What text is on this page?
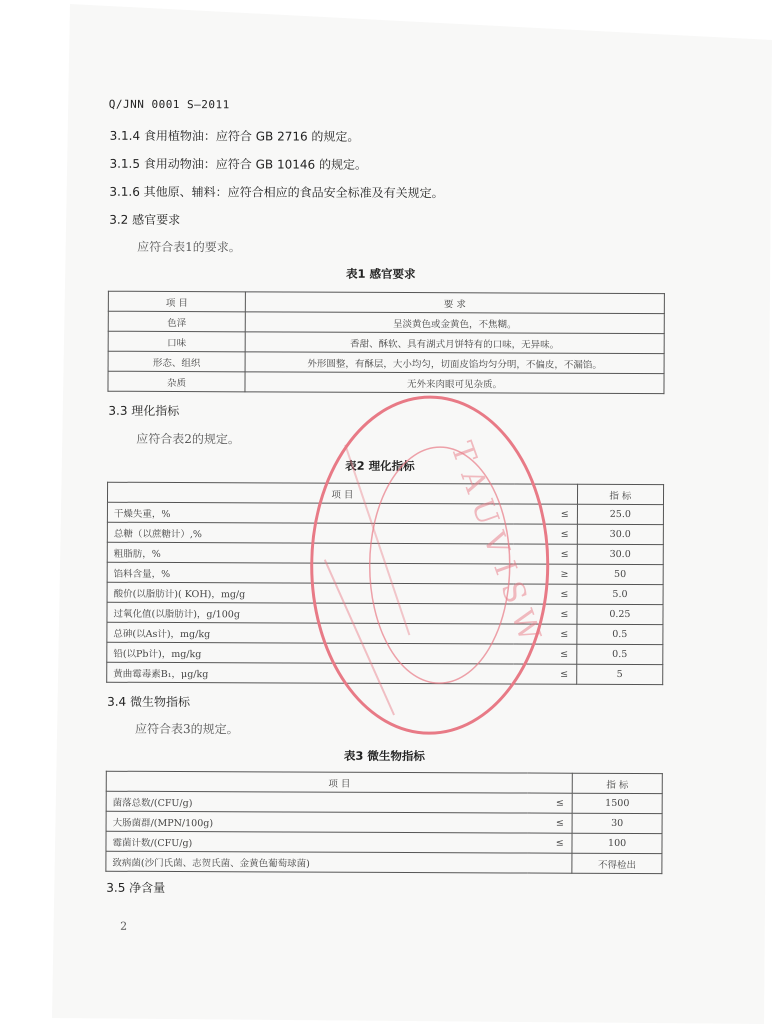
Q/JNN 0001 S—2011
3.1.4 食用植物油：应符合 GB 2716 的规定。
3.1.5 食用动物油：应符合 GB 10146 的规定。
3.1.6 其他原、辅料：应符合相应的食品安全标准及有关规定。
3.2 感官要求
应符合表1的要求。
表1 感官要求
项 目	要 求
色泽	呈淡黄色或金黄色，不焦糊。
口味	香甜、酥软、具有湖式月饼特有的口味，无异味。
形态、组织	外形圆整，有酥层，大小均匀，切面皮馅均匀分明，不偏皮，不漏馅。
杂质	无外来肉眼可见杂质。
3.3 理化指标
应符合表2的规定。
表2 理化指标
项 目		指 标
干燥失重，%	≤	25.0
总糖（以蔗糖计）,%	≤	30.0
粗脂肪，%	≤	30.0
馅料含量，%	≥	50
酸价(以脂肪计)( KOH)，mg/g	≤	5.0
过氧化值(以脂肪计)，g/100g	≤	0.25
总砷(以As计)，mg/kg	≤	0.5
铅(以Pb计)，mg/kg	≤	0.5
黄曲霉毒素B₁，μg/kg	≤	5
3.4 微生物指标
应符合表3的规定。
表3 微生物指标
项 目		指 标
菌落总数/(CFU/g)	≤	1500
大肠菌群/(MPN/100g)	≤	30
霉菌计数/(CFU/g)	≤	100
致病菌(沙门氏菌、志贺氏菌、金黄色葡萄球菌)		不得检出
3.5 净含量
2
T A U V I S W
